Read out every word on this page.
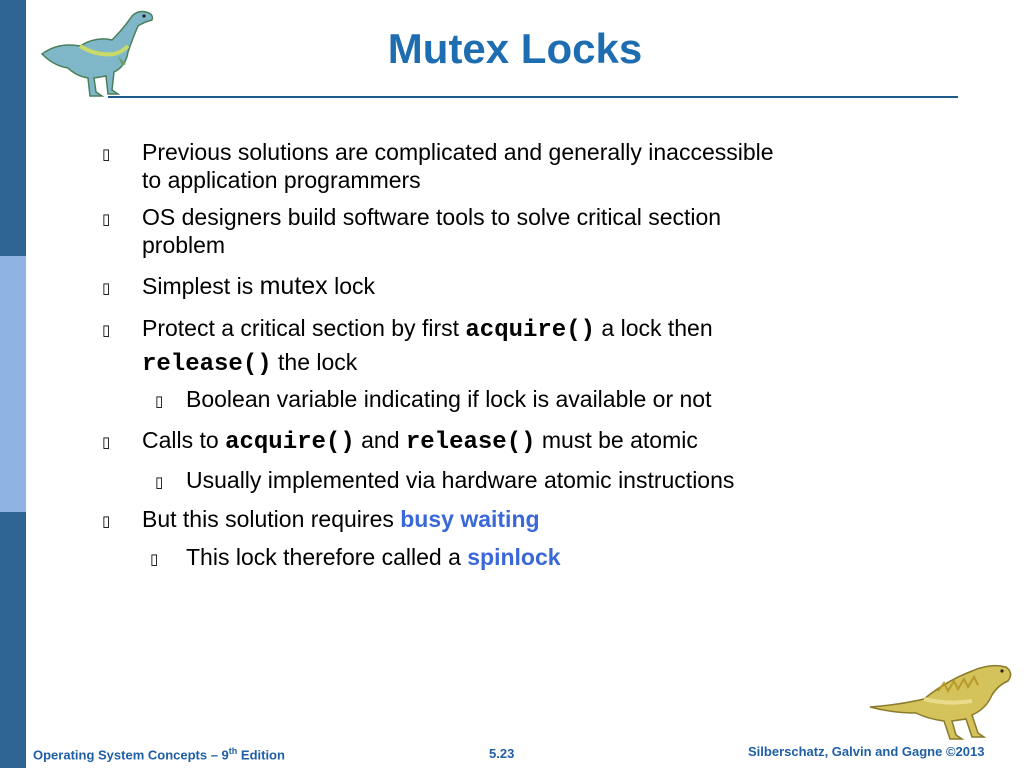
Mutex Locks
▯ Previous solutions are complicated and generally inaccessible
to application programmers
▯ OS designers build software tools to solve critical section
problem
▯ Simplest is mutex lock
▯ Protect a critical section by first acquire() a lock then
release() the lock
▯ Boolean variable indicating if lock is available or not
▯ Calls to acquire() and release() must be atomic
▯ Usually implemented via hardware atomic instructions
▯ But this solution requires busy waiting
▯ This lock therefore called a spinlock
Operating System Concepts – 9th Edition	5.23	Silberschatz, Galvin and Gagne ©2013
